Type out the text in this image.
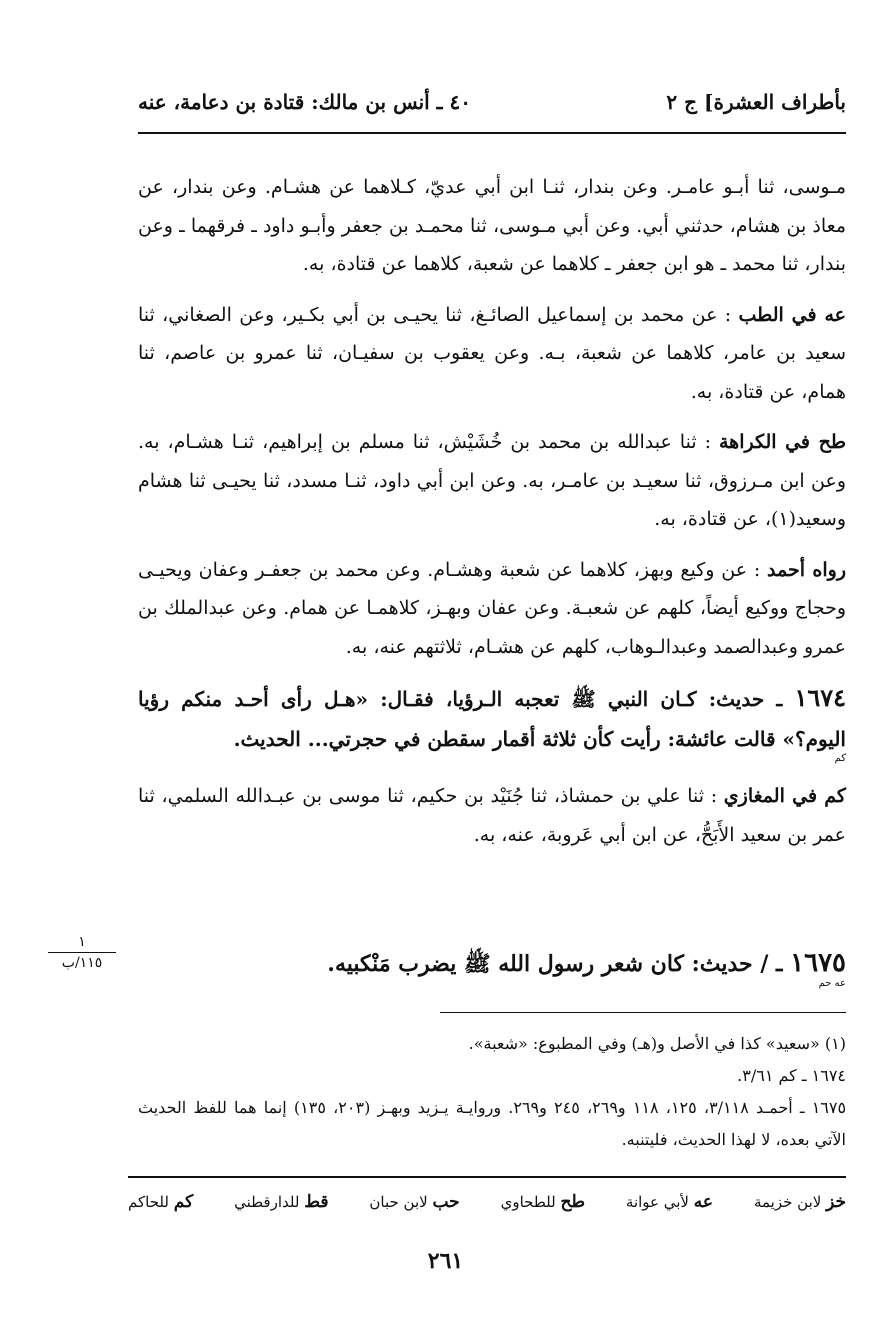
بأطراف العشرة] ج ٢
٤٠ ـ أنس بن مالك: قتادة بن دعامة، عنه

مـوسى، ثنا أبـو عامـر. وعن بندار، ثنـا ابن أبي عديّ، كـلاهما عن هشـام. وعن بندار، عن معاذ بن هشام، حدثني أبي. وعن أبي مـوسى، ثنا محمـد بن جعفر وأبـو داود ـ فرقهما ـ وعن بندار، ثنا محمد ـ هو ابن جعفر ـ كلاهما عن شعبة، كلاهما عن قتادة، به.

عه في الطب : عن محمد بن إسماعيل الصائـغ، ثنا يحيـى بن أبي بكـير، وعن الصغاني، ثنا سعيد بن عامر، كلاهما عن شعبة، بـه. وعن يعقوب بن سفيـان، ثنا عمرو بن عاصم، ثنا همام، عن قتادة، به.

طح في الكراهة : ثنا عبدالله بن محمد بن خُشَيْش، ثنا مسلم بن إبراهيم، ثنـا هشـام، به. وعن ابن مـرزوق، ثنا سعيـد بن عامـر، به. وعن ابن أبي داود، ثنـا مسدد، ثنا يحيـى ثنا هشام وسعيد(١)، عن قتادة، به.

رواه أحمد : عن وكيع وبهز، كلاهما عن شعبة وهشـام. وعن محمد بن جعفـر وعفان ويحيـى وحجاج ووكيع أيضاً، كلهم عن شعبـة. وعن عفان وبهـز، كلاهمـا عن همام. وعن عبدالملك بن عمرو وعبدالصمد وعبدالـوهاب، كلهم عن هشـام، ثلاثتهم عنه، به.

١٦٧٤ ـ حديث: كـان النبي ﷺ تعجبه الـرؤيا، فقـال: «هـل رأى أحـد منكم رؤيا اليوم؟» قالت عائشة: رأيت كأن ثلاثة أقمار سقطن في حجرتي... الحديث.
كم

كم في المغازي : ثنا علي بن حمشاذ، ثنا جُنَيْد بن حكيم، ثنا موسى بن عبـدالله السلمي، ثنا عمر بن سعيد الأَبَحُّ، عن ابن أبي عَروبة، عنه، به.

١٦٧٥ ـ / حديث: كان شعر رسول الله ﷺ يضرب مَنْكبيه.
عه حم
١
١١٥/ب

(١) «سعيد» كذا في الأصل و(هـ) وفي المطبوع: «شعبة».

١٦٧٤ ـ كم ٣/٦١.

١٦٧٥ ـ أحمـد ٣/١١٨، ١٢٥، ١١٨ و٢٦٩، ٢٤٥ و٢٦٩. وروايـة يـزيد وبهـز (٢٠٣، ١٣٥) إنما هما للفظ الحديث الآتي بعده، لا لهذا الحديث، فليتنبه.

خز لابن خزيمة
عه لأبي عوانة
طح للطحاوي
حب لابن حبان
قط للدارقطني
كم للحاكم
٢٦١
